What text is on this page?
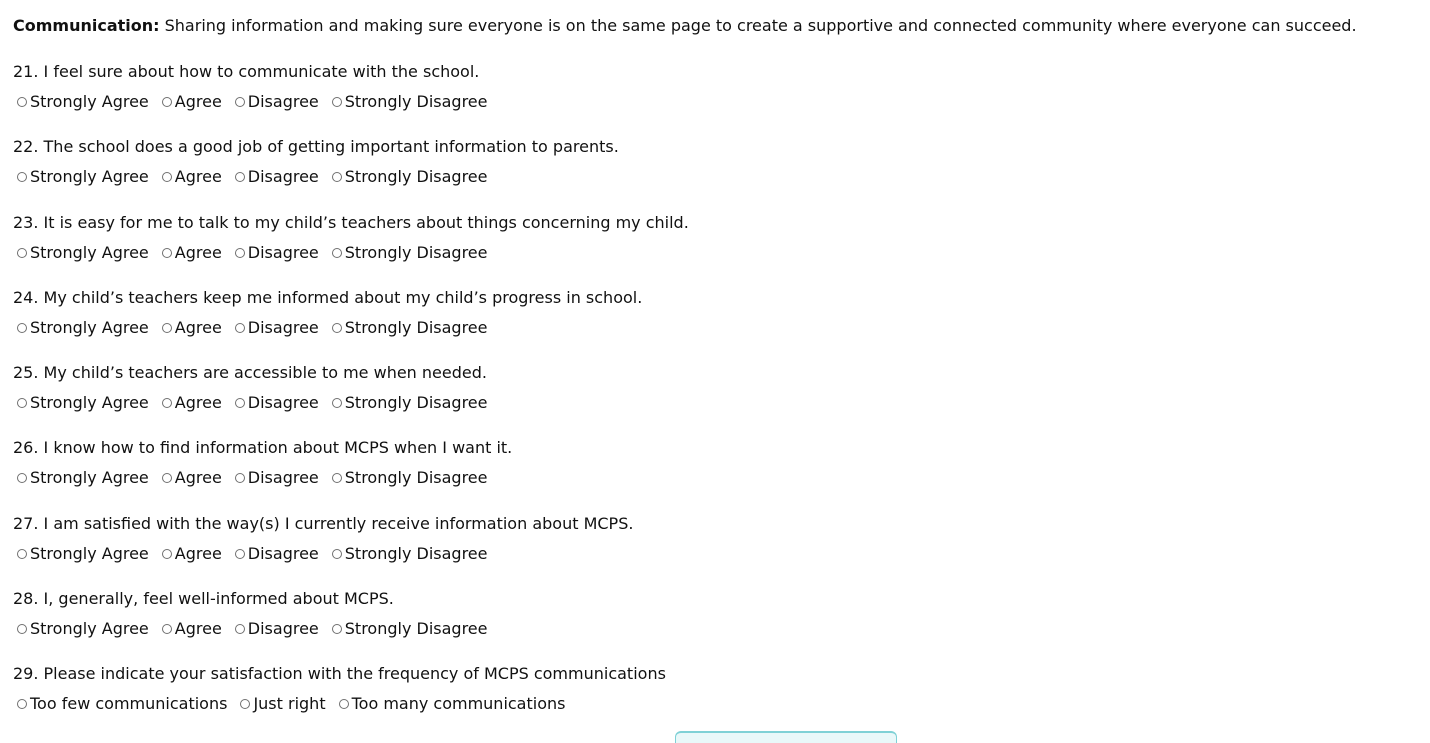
Communication: Sharing information and making sure everyone is on the same page to create a supportive and connected community where everyone can succeed.
21. I feel sure about how to communicate with the school.
Strongly Agree Agree Disagree Strongly Disagree
22. The school does a good job of getting important information to parents.
Strongly Agree Agree Disagree Strongly Disagree
23. It is easy for me to talk to my child’s teachers about things concerning my child.
Strongly Agree Agree Disagree Strongly Disagree
24. My child’s teachers keep me informed about my child’s progress in school.
Strongly Agree Agree Disagree Strongly Disagree
25. My child’s teachers are accessible to me when needed.
Strongly Agree Agree Disagree Strongly Disagree
26. I know how to find information about MCPS when I want it.
Strongly Agree Agree Disagree Strongly Disagree
27. I am satisfied with the way(s) I currently receive information about MCPS.
Strongly Agree Agree Disagree Strongly Disagree
28. I, generally, feel well-informed about MCPS.
Strongly Agree Agree Disagree Strongly Disagree
29. Please indicate your satisfaction with the frequency of MCPS communications
Too few communications Just right Too many communications
